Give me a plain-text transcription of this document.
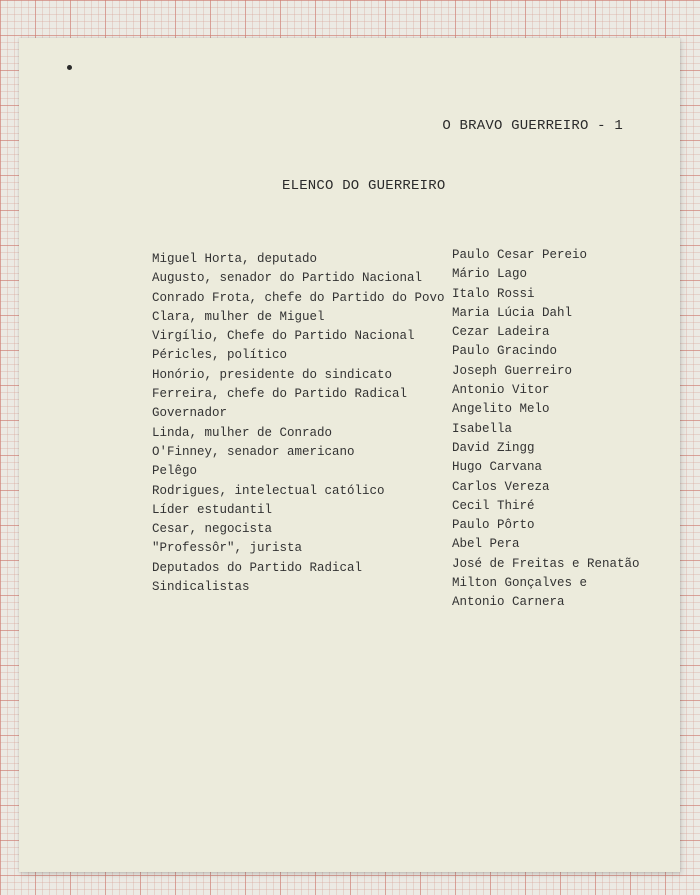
O BRAVO GUERREIRO - 1
ELENCO DO GUERREIRO
Miguel Horta, deputado
Augusto, senador do Partido Nacional
Conrado Frota, chefe do Partido do Povo
Clara, mulher de Miguel
Virgílio, Chefe do Partido Nacional
Péricles, político
Honório, presidente do sindicato
Ferreira, chefe do Partido Radical
Governador
Linda, mulher de Conrado
O'Finney, senador americano
Pelêgo
Rodrigues, intelectual católico
Líder estudantil
Cesar, negocista
"Professôr", jurista
Deputados do Partido Radical
Sindicalistas
Paulo Cesar Pereio
Mário Lago
Italo Rossi
Maria Lúcia Dahl
Cezar Ladeira
Paulo Gracindo
Joseph Guerreiro
Antonio Vitor
Angelito Melo
Isabella
David Zingg
Hugo Carvana
Carlos Vereza
Cecil Thiré
Paulo Pôrto
Abel Pera
José de Freitas e Renatão
Milton Gonçalves e
Antonio Carnera
